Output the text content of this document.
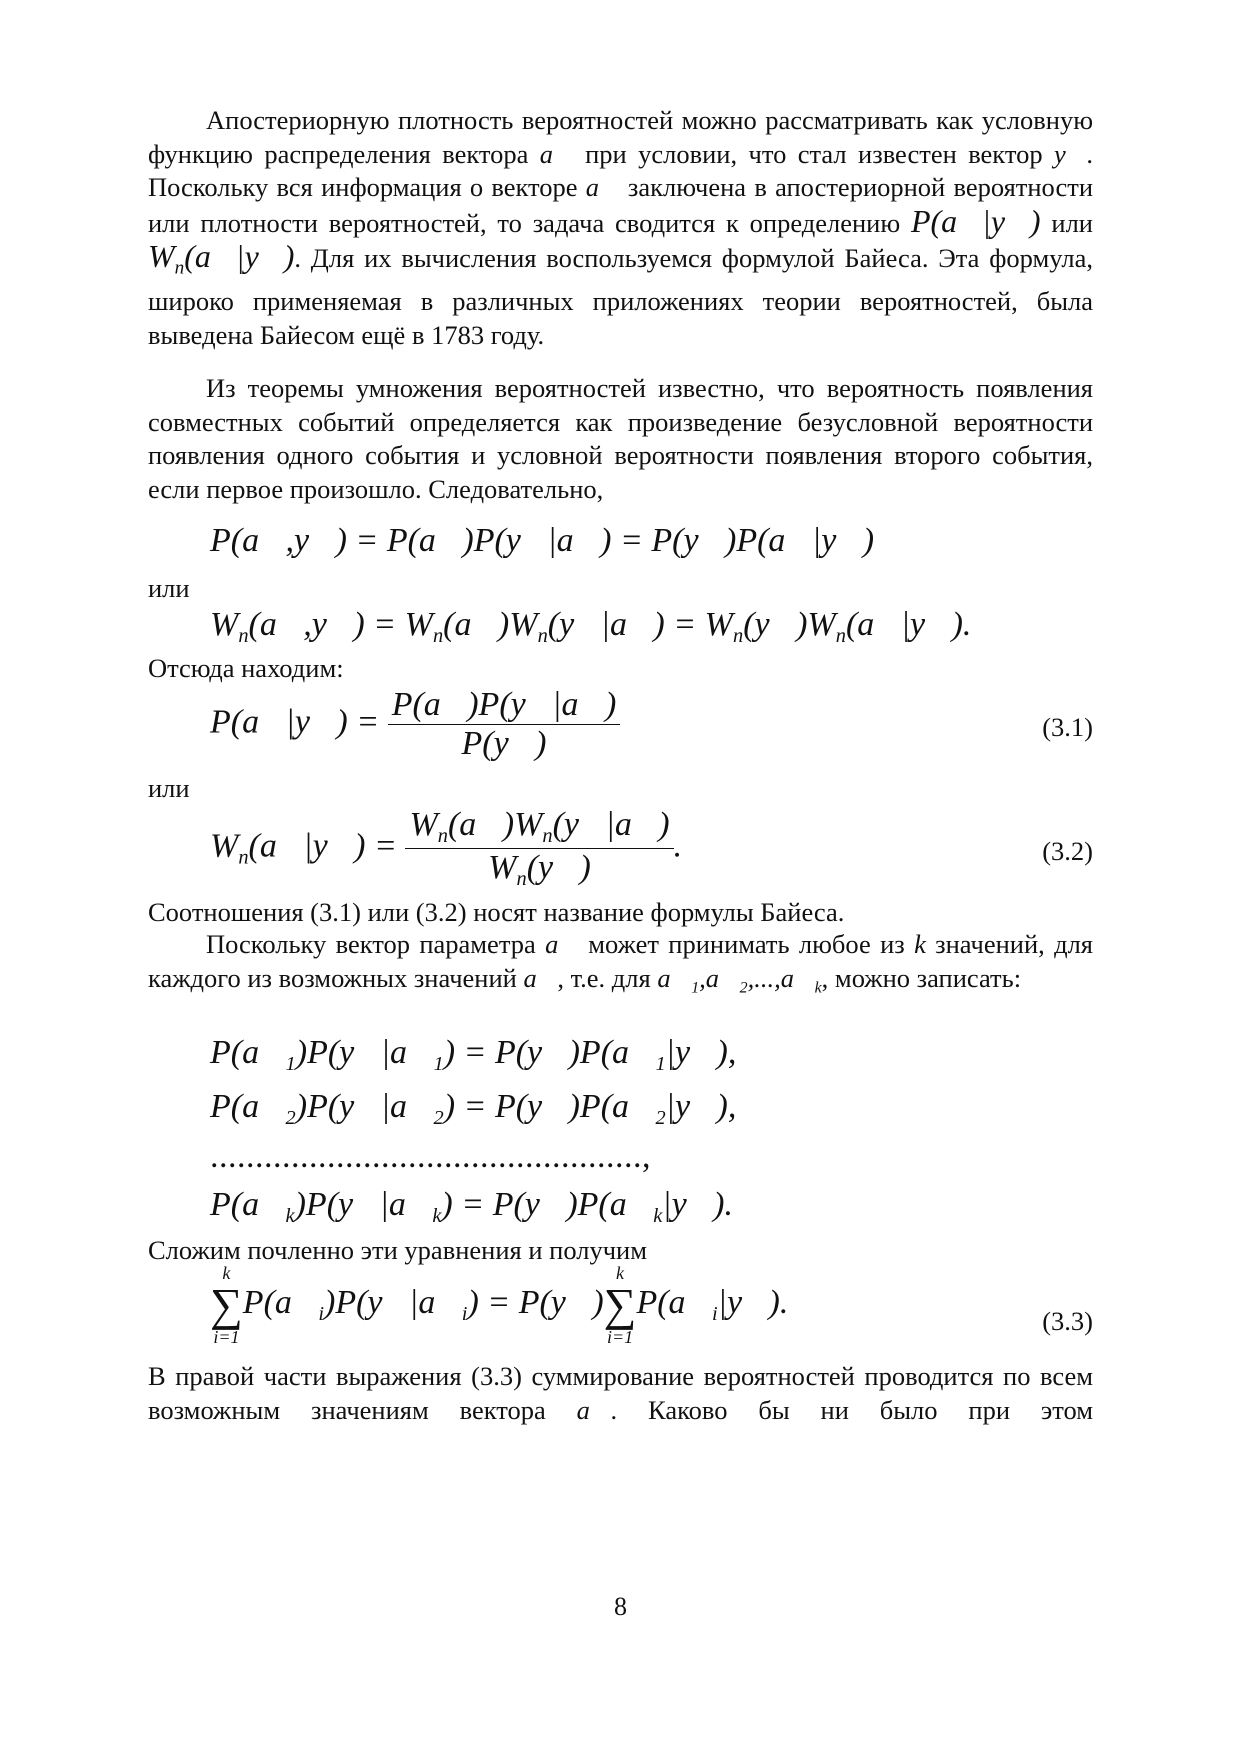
Апостериорную плотность вероятностей можно рассматривать как условную функцию распределения вектора a⃗ при условии, что стал известен вектор y⃗. Поскольку вся информация о векторе a⃗ заключена в апостериорной вероятности или плотности вероятностей, то задача сводится к определению P(a⃗|y⃗) или $W_n(a⃗|y⃗)$. Для их вычисления воспользуемся формулой Байеса. Эта формула, широко применяемая в различных приложениях теории вероятностей, была выведена Байесом ещё в 1783 году.

Из теоремы умножения вероятностей известно, что вероятность появления совместных событий определяется как произведение безусловной вероятности появления одного события и условной вероятности появления второго события, если первое произошло. Следовательно,

P(a⃗,y⃗) = P(a⃗)P(y⃗|a⃗) = P(y⃗)P(a⃗|y⃗)

или

$W_n(a⃗,y⃗)$ = $W_n(a⃗)W_n(y⃗|a⃗)$ = $W_n(y⃗)W_n(a⃗|y⃗)$.

Отсюда находим:

P(a⃗|y⃗) = $\frac{P(a⃗)P(y⃗|a⃗)}{P(y⃗)}$	(3.1)

или

$W_n(a⃗|y⃗) = \frac{W_n(a⃗)W_n(y⃗|a⃗)}{W_n(y⃗)}$ .	(3.2)

Соотношения (3.1) или (3.2) носят название формулы Байеса.

Поскольку вектор параметра a⃗ может принимать любое из k значений, для каждого из возможных значений a⃗, т.е. для $a⃗_1,a⃗_2,...,a⃗_k$, можно записать:

$P(a⃗_1)P(y⃗|a⃗_1)$ = $P(y⃗)P(a⃗_1|y⃗)$,
$P(a⃗_2)P(y⃗|a⃗_2)$ = $P(y⃗)P(a⃗_2|y⃗)$,
................................................,
$P(a⃗_k)P(y⃗|a⃗_k)$ = $P(y⃗)P(a⃗_k|y⃗)$.

Сложим почленно эти уравнения и получим

k
∑
i=1
$P(a⃗_i)P(y⃗|a⃗_i)$ = P(y⃗)
k
∑
i=1
$P(a⃗_i|y⃗)$.
(3.3)

В правой части выражения (3.3) суммирование вероятностей проводится по всем возможным значениям вектора a⃗. Каково бы ни было при этом

8
